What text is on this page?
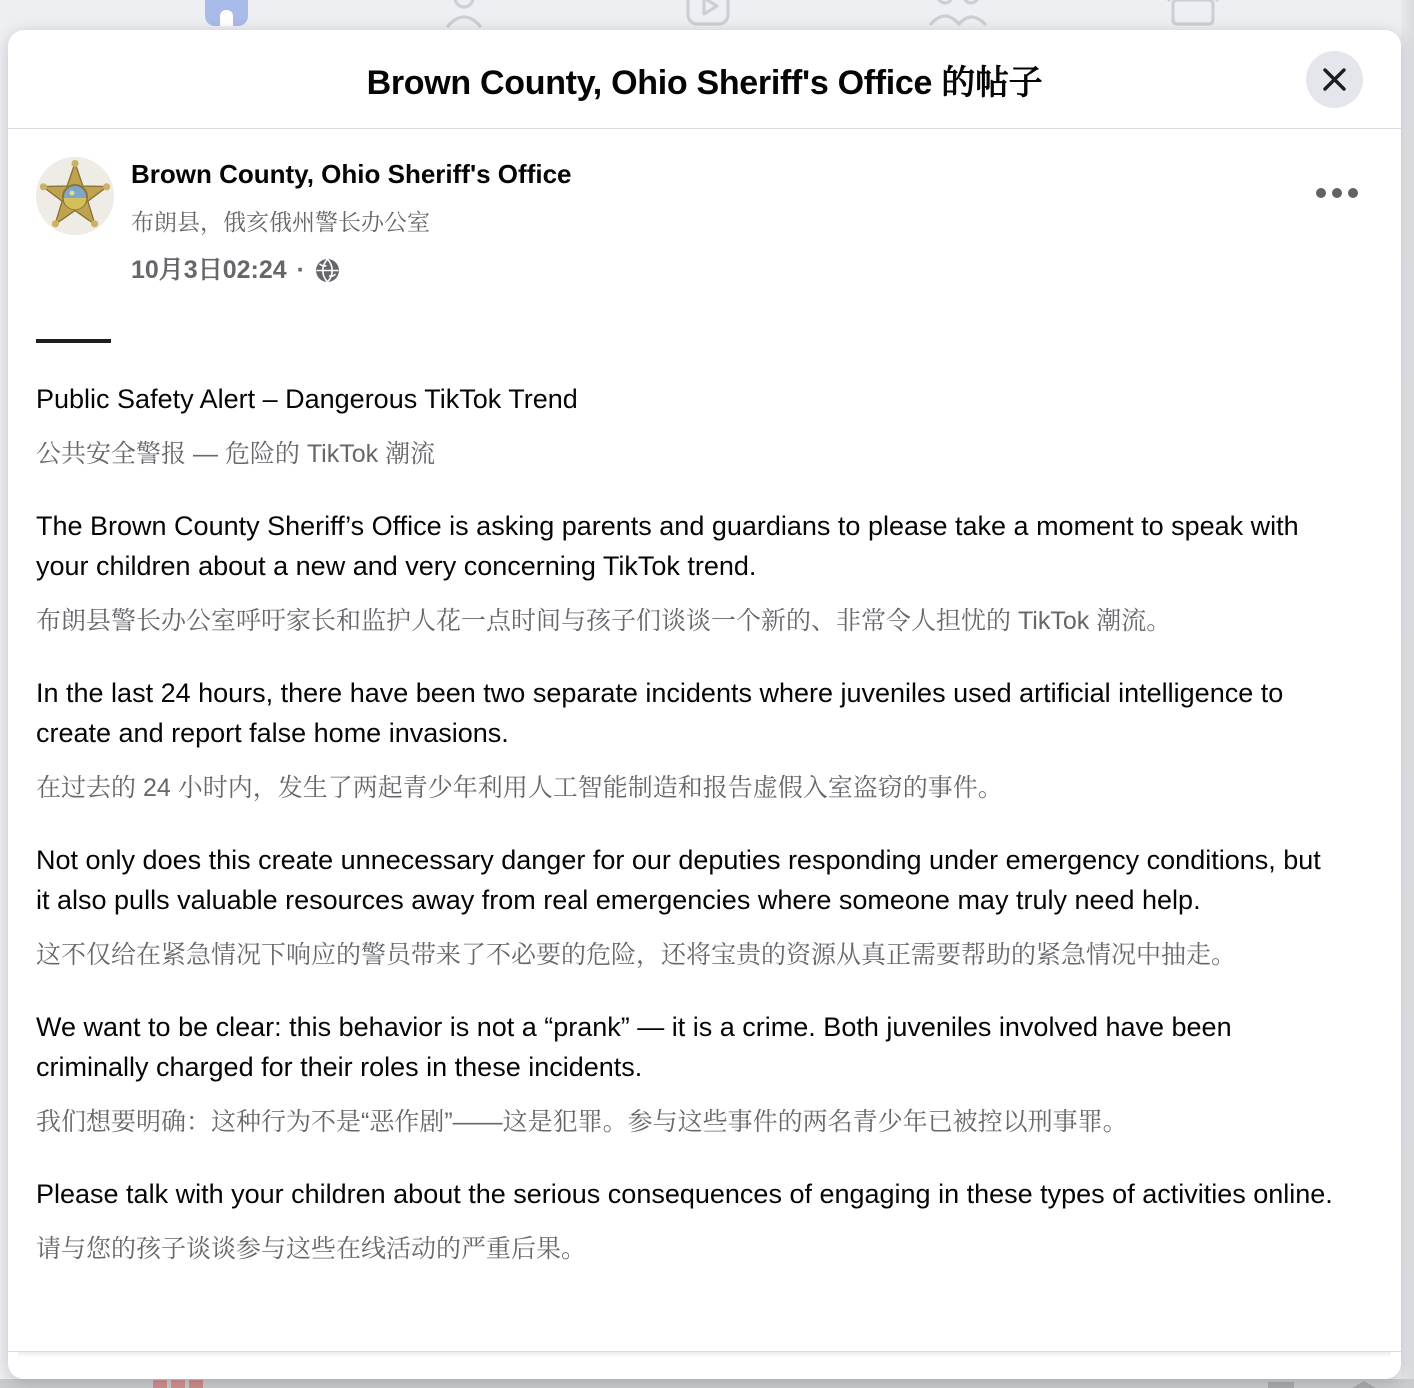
Brown County, Ohio Sheriff's Office 的帖子
Brown County, Ohio Sheriff's Office
布朗县，俄亥俄州警长办公室
10月3日02:24 ·

Public Safety Alert – Dangerous TikTok Trend

公共安全警报 — 危险的 TikTok 潮流

The Brown County Sheriff’s Office is asking parents and guardians to please take a moment to speak with your children about a new and very concerning TikTok trend.

布朗县警长办公室呼吁家长和监护人花一点时间与孩子们谈谈一个新的、非常令人担忧的 TikTok 潮流。

In the last 24 hours, there have been two separate incidents where juveniles used artificial intelligence to create and report false home invasions.

在过去的 24 小时内，发生了两起青少年利用人工智能制造和报告虚假入室盗窃的事件。

Not only does this create unnecessary danger for our deputies responding under emergency conditions, but it also pulls valuable resources away from real emergencies where someone may truly need help.

这不仅给在紧急情况下响应的警员带来了不必要的危险，还将宝贵的资源从真正需要帮助的紧急情况中抽走。

We want to be clear: this behavior is not a “prank” — it is a crime. Both juveniles involved have been criminally charged for their roles in these incidents.

我们想要明确：这种行为不是“恶作剧”——这是犯罪。参与这些事件的两名青少年已被控以刑事罪。

Please talk with your children about the serious consequences of engaging in these types of activities online.

请与您的孩子谈谈参与这些在线活动的严重后果。
